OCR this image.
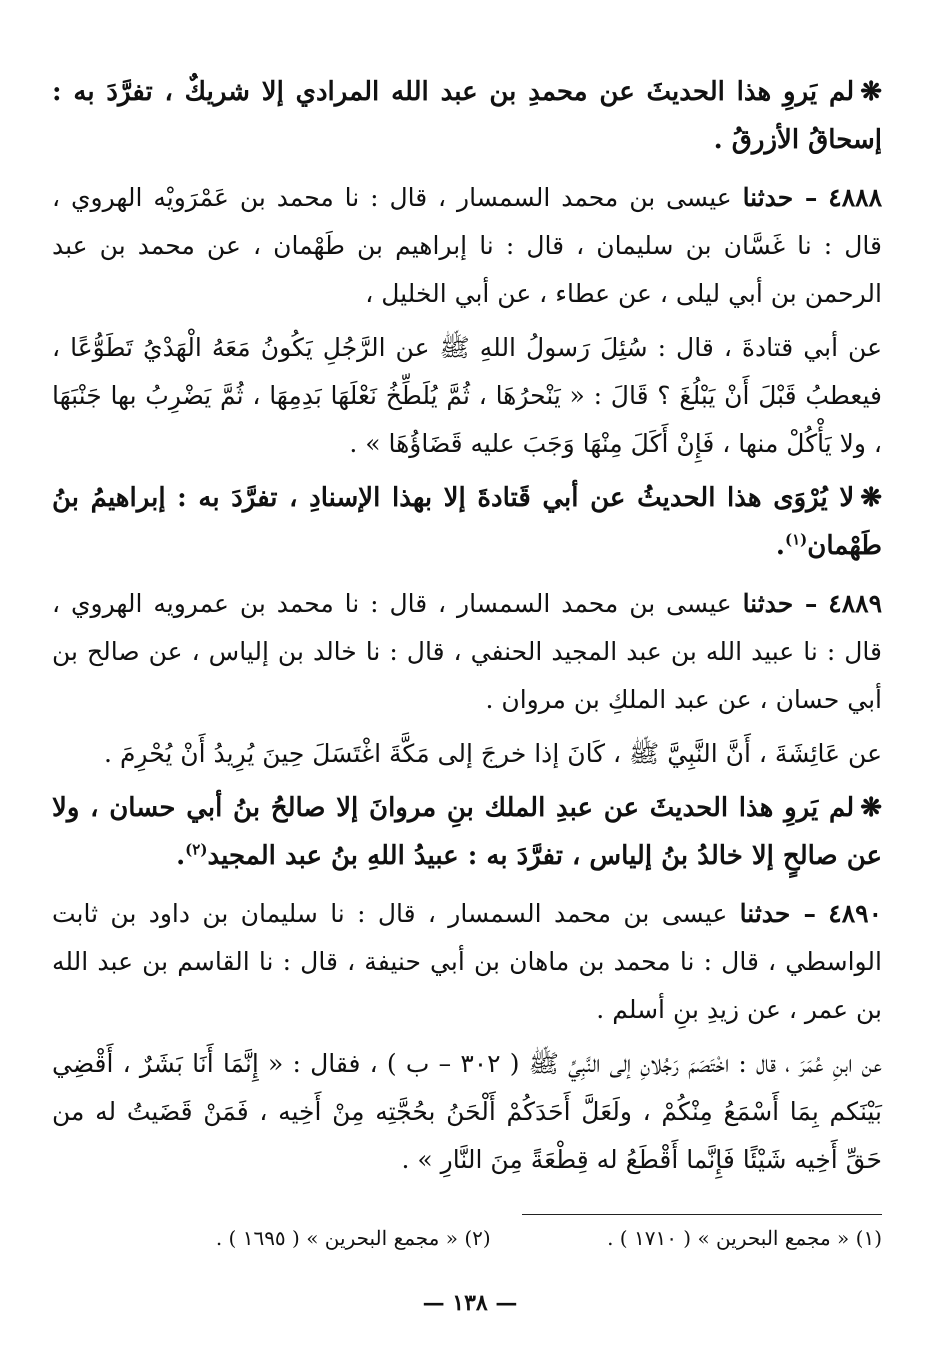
❋لم يَروِ هذا الحديثَ عن محمدِ بن عبد الله المرادي إلا شريكٌ ، تفرَّدَ به : إسحاقُ الأزرقُ .

٤٨٨٨ – حدثنا عيسى بن محمد السمسار ، قال : نا محمد بن عَمْرَويْه الهروي ، قال : نا غَسَّان بن سليمان ، قال : نا إبراهيم بن طَهْمان ، عن محمد بن عبد الرحمن بن أبي ليلى ، عن عطاء ، عن أبي الخليل ،

عن أبي قتادةَ ، قال : سُئِلَ رَسولُ اللهِ ﷺ عن الرَّجُلِ يَكُونُ مَعَهُ الْهَدْيُ تَطَوُّعًا ، فيعطبُ قَبْلَ أَنْ يَبْلُغَ ؟ قَالَ : « يَنْحرُهَا ، ثُمَّ يُلَطِّخُ نَعْلَهَا بَدِمِهَا ، ثُمَّ يَضْرِبُ بها جَنْبَهَا ، ولا يَأْكُلْ منها ، فَإِنْ أَكَلَ مِنْهَا وَجَبَ عليه قَضَاؤُهَا » .

❋لا يُرْوَى هذا الحديثُ عن أبي قَتادةَ إلا بهذا الإسنادِ ، تفرَّدَ به : إبراهيمُ بنُ طَهْمان$^{(١)}$.

٤٨٨٩ – حدثنا عيسى بن محمد السمسار ، قال : نا محمد بن عمرويه الهروي ، قال : نا عبيد الله بن عبد المجيد الحنفي ، قال : نا خالد بن إلياس ، عن صالح بن أبي حسان ، عن عبد الملكِ بن مروان .

عن عَائِشَةَ ، أَنَّ النَّبِيَّ ﷺ ، كَانَ إذا خرجَ إلى مَكَّةَ اغْتَسَلَ حِينَ يُرِيدُ أَنْ يُحْرِمَ .

❋لم يَروِ هذا الحديثَ عن عبدِ الملك بنِ مروانَ إلا صالحُ بنُ أبي حسان ، ولا عن صالحٍ إلا خالدُ بنُ إلياس ، تفرَّدَ به : عبيدُ اللهِ بنُ عبد المجيد$^{(٢)}$.

٤٨٩٠ – حدثنا عيسى بن محمد السمسار ، قال : نا سليمان بن داود بن ثابت الواسطي ، قال : نا محمد بن ماهان بن أبي حنيفة ، قال : نا القاسم بن عبد الله بن عمر ، عن زيدِ بنِ أسلم .

عن ابنِ عُمَرَ ، قال : اخْتَصَمَ رَجُلانِ إلى النَّبِيِّ ﷺ ( ٣٠٢ – ب ) ، فقال : « إِنَّمَا أَنَا بَشَرٌ ، أَقْضِي بَيْنَكم بِمَا أَسْمَعُ مِنْكُمْ ، ولَعَلَّ أَحَدَكُمْ أَلْحَنُ بحُجَّتِه مِنْ أَخِيه ، فَمَنْ قَضَيتُ له من حَقِّ أَخِيه شَيْئًا فَإِنَّما أَقْطَعُ له قِطْعَةً مِنَ النَّارِ » .

(١) « مجمع البحرين » ( ١٧١٠ ) . (٢) « مجمع البحرين » ( ١٦٩٥ ) .
— ١٣٨ —
